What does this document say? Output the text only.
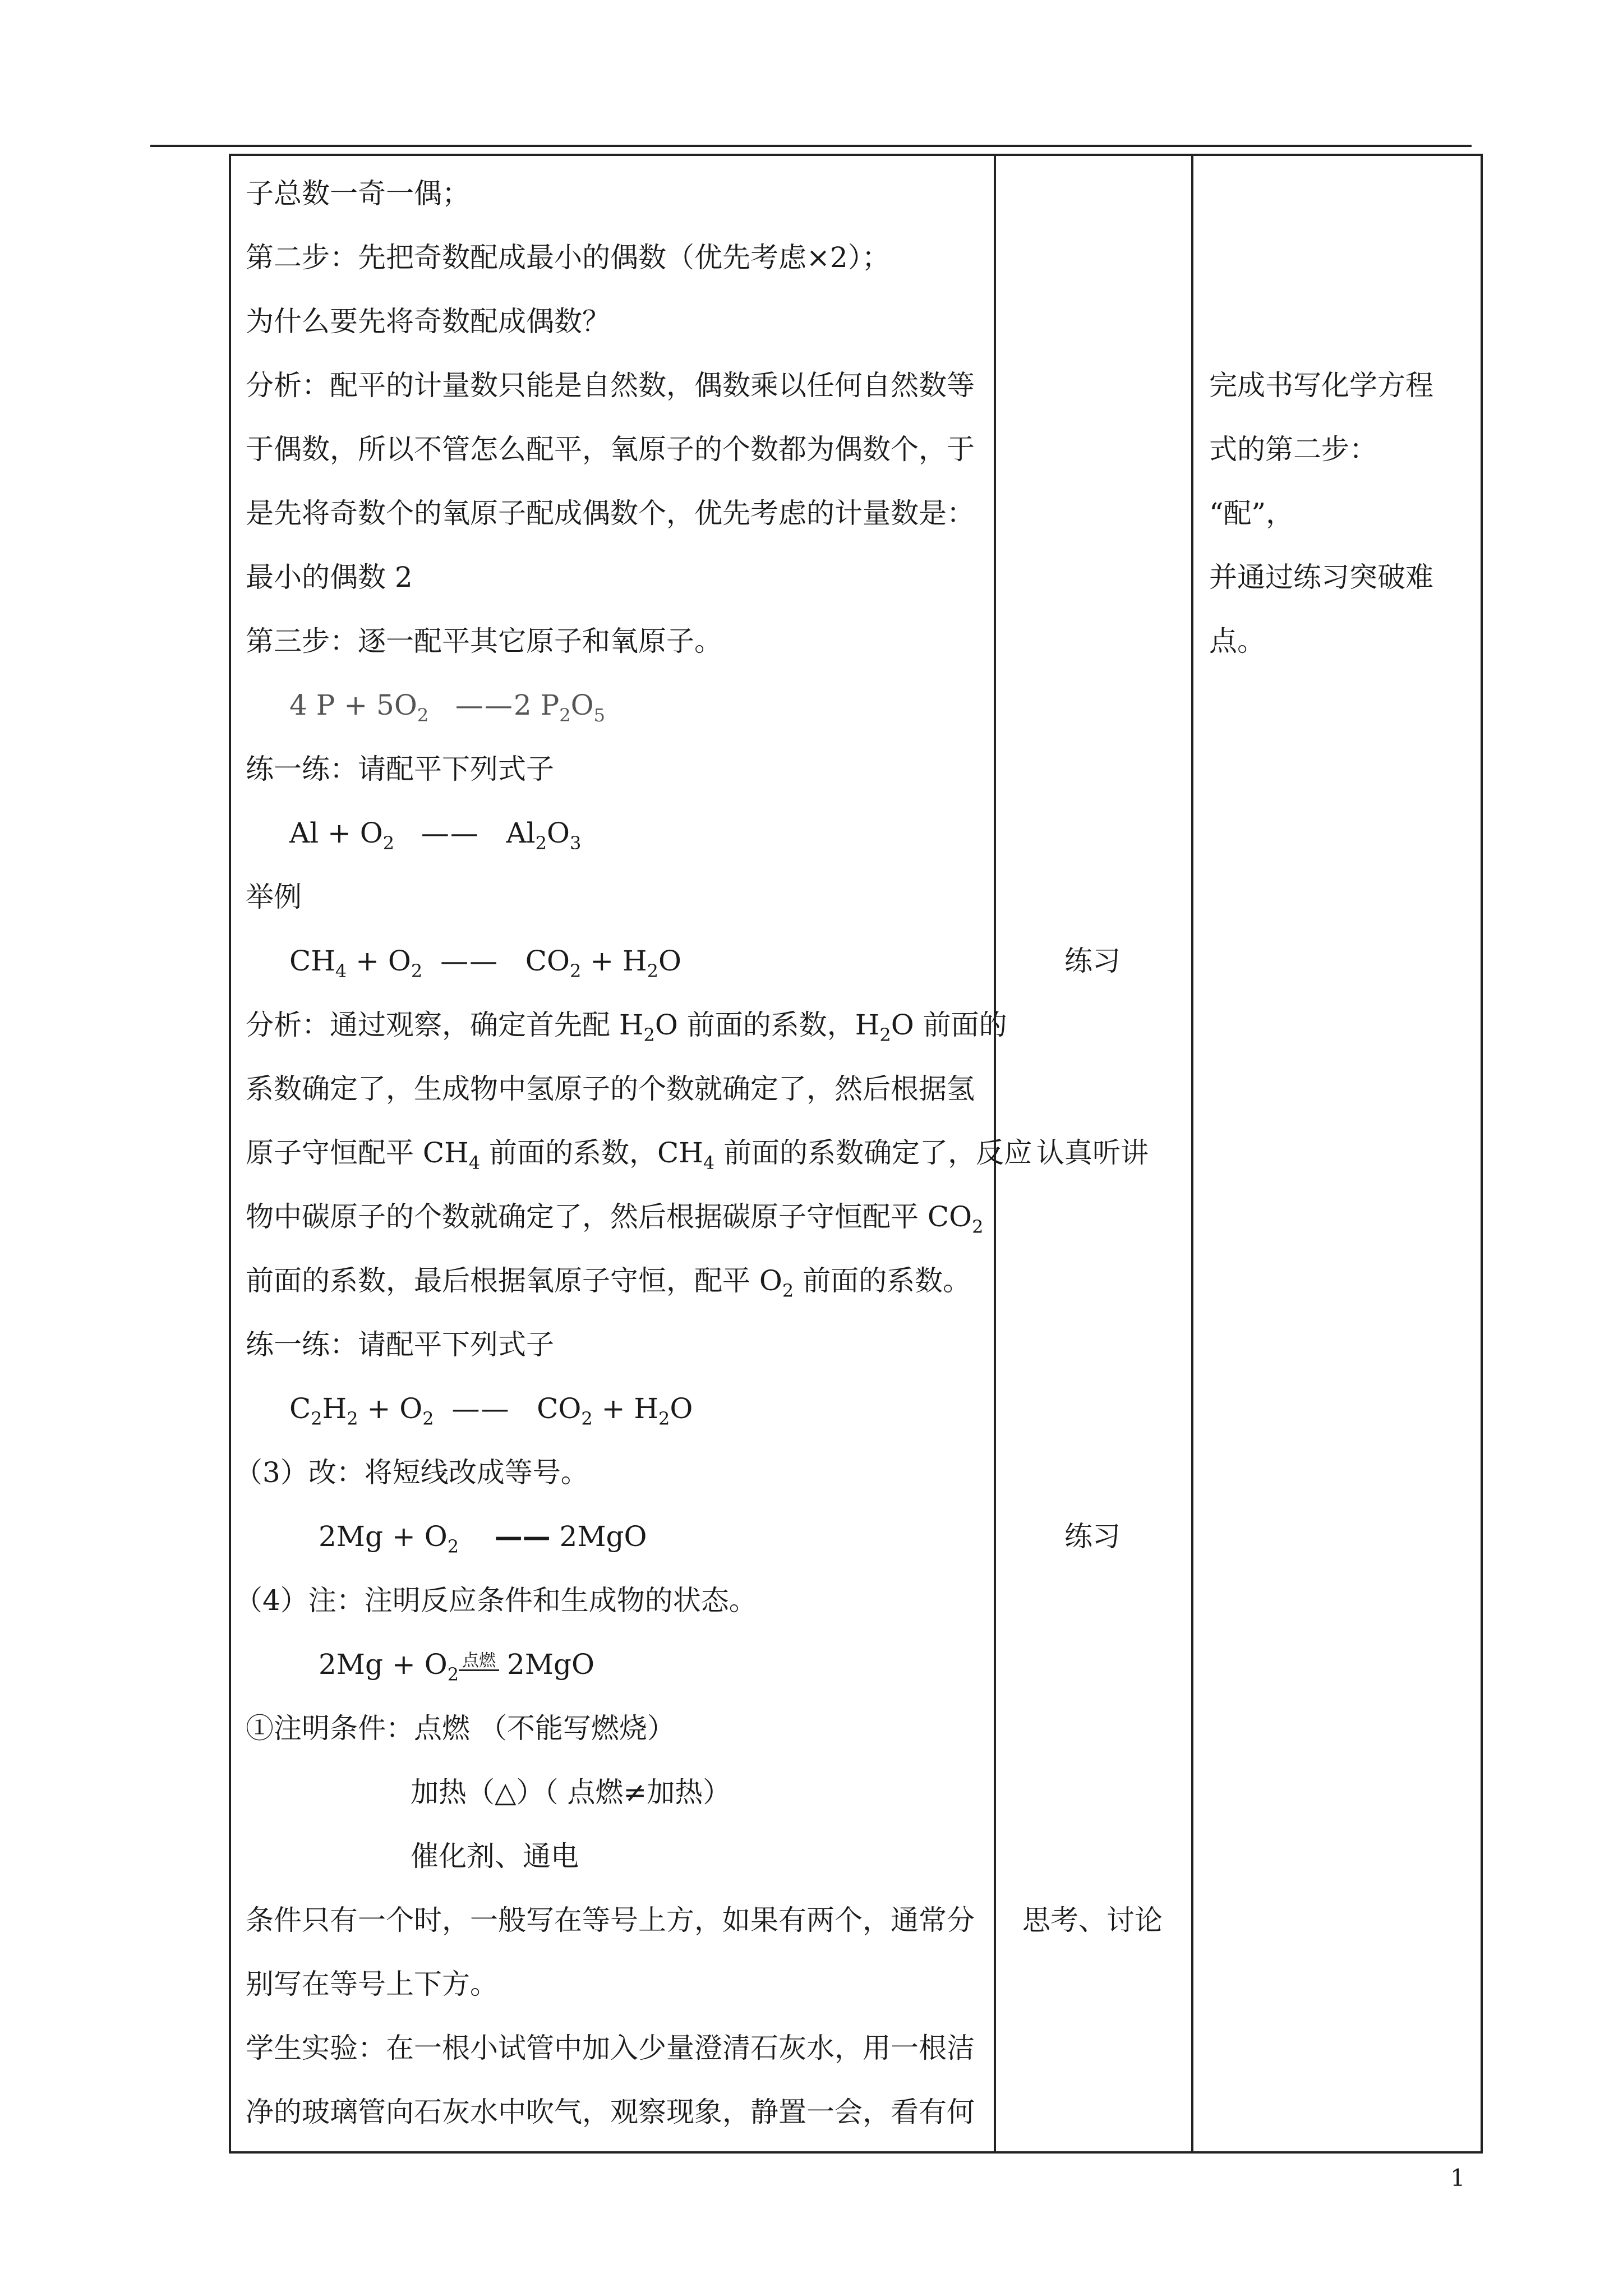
子总数一奇一偶；
第二步：先把奇数配成最小的偶数（优先考虑×2）；
为什么要先将奇数配成偶数？
分析：配平的计量数只能是自然数，偶数乘以任何自然数等
于偶数，所以不管怎么配平，氧原子的个数都为偶数个，于
是先将奇数个的氧原子配成偶数个，优先考虑的计量数是：
最小的偶数 2
第三步：逐一配平其它原子和氧原子。
4 $P + 5O_2$ ——2 $P_2O_5$
练一练：请配平下列式子
$Al + O_2$ —— $Al_2O_3$
举例
$CH_4 + O_2$ —— $CO_2 + H_2O$
分析：通过观察，确定首先配 $H_2O$ 前面的系数，$H_2O$ 前面的
系数确定了，生成物中氢原子的个数就确定了，然后根据氢
原子守恒配平 $CH_4$ 前面的系数，$CH_4$ 前面的系数确定了，反应
物中碳原子的个数就确定了，然后根据碳原子守恒配平 $CO_2$
前面的系数，最后根据氧原子守恒，配平 $O_2$ 前面的系数。
练一练：请配平下列式子
$C_2H_2 + O_2$ —— $CO_2 + H_2O$
（3）改：将短线改成等号。
$2Mg + O_2$ —— 2MgO
（4）注：注明反应条件和生成物的状态。
$2Mg + O_2$点燃 2MgO
①注明条件：点燃 （不能写燃烧）
加热（△）（ 点燃≠加热）
催化剂、通电
条件只有一个时，一般写在等号上方，如果有两个，通常分
别写在等号上下方。
学生实验：在一根小试管中加入少量澄清石灰水，用一根洁
净的玻璃管向石灰水中吹气，观察现象，静置一会，看有何
练习
认真听讲
练习
思考、讨论
完成书写化学方程
式的第二步：
“配”，
并通过练习突破难
点。
1
